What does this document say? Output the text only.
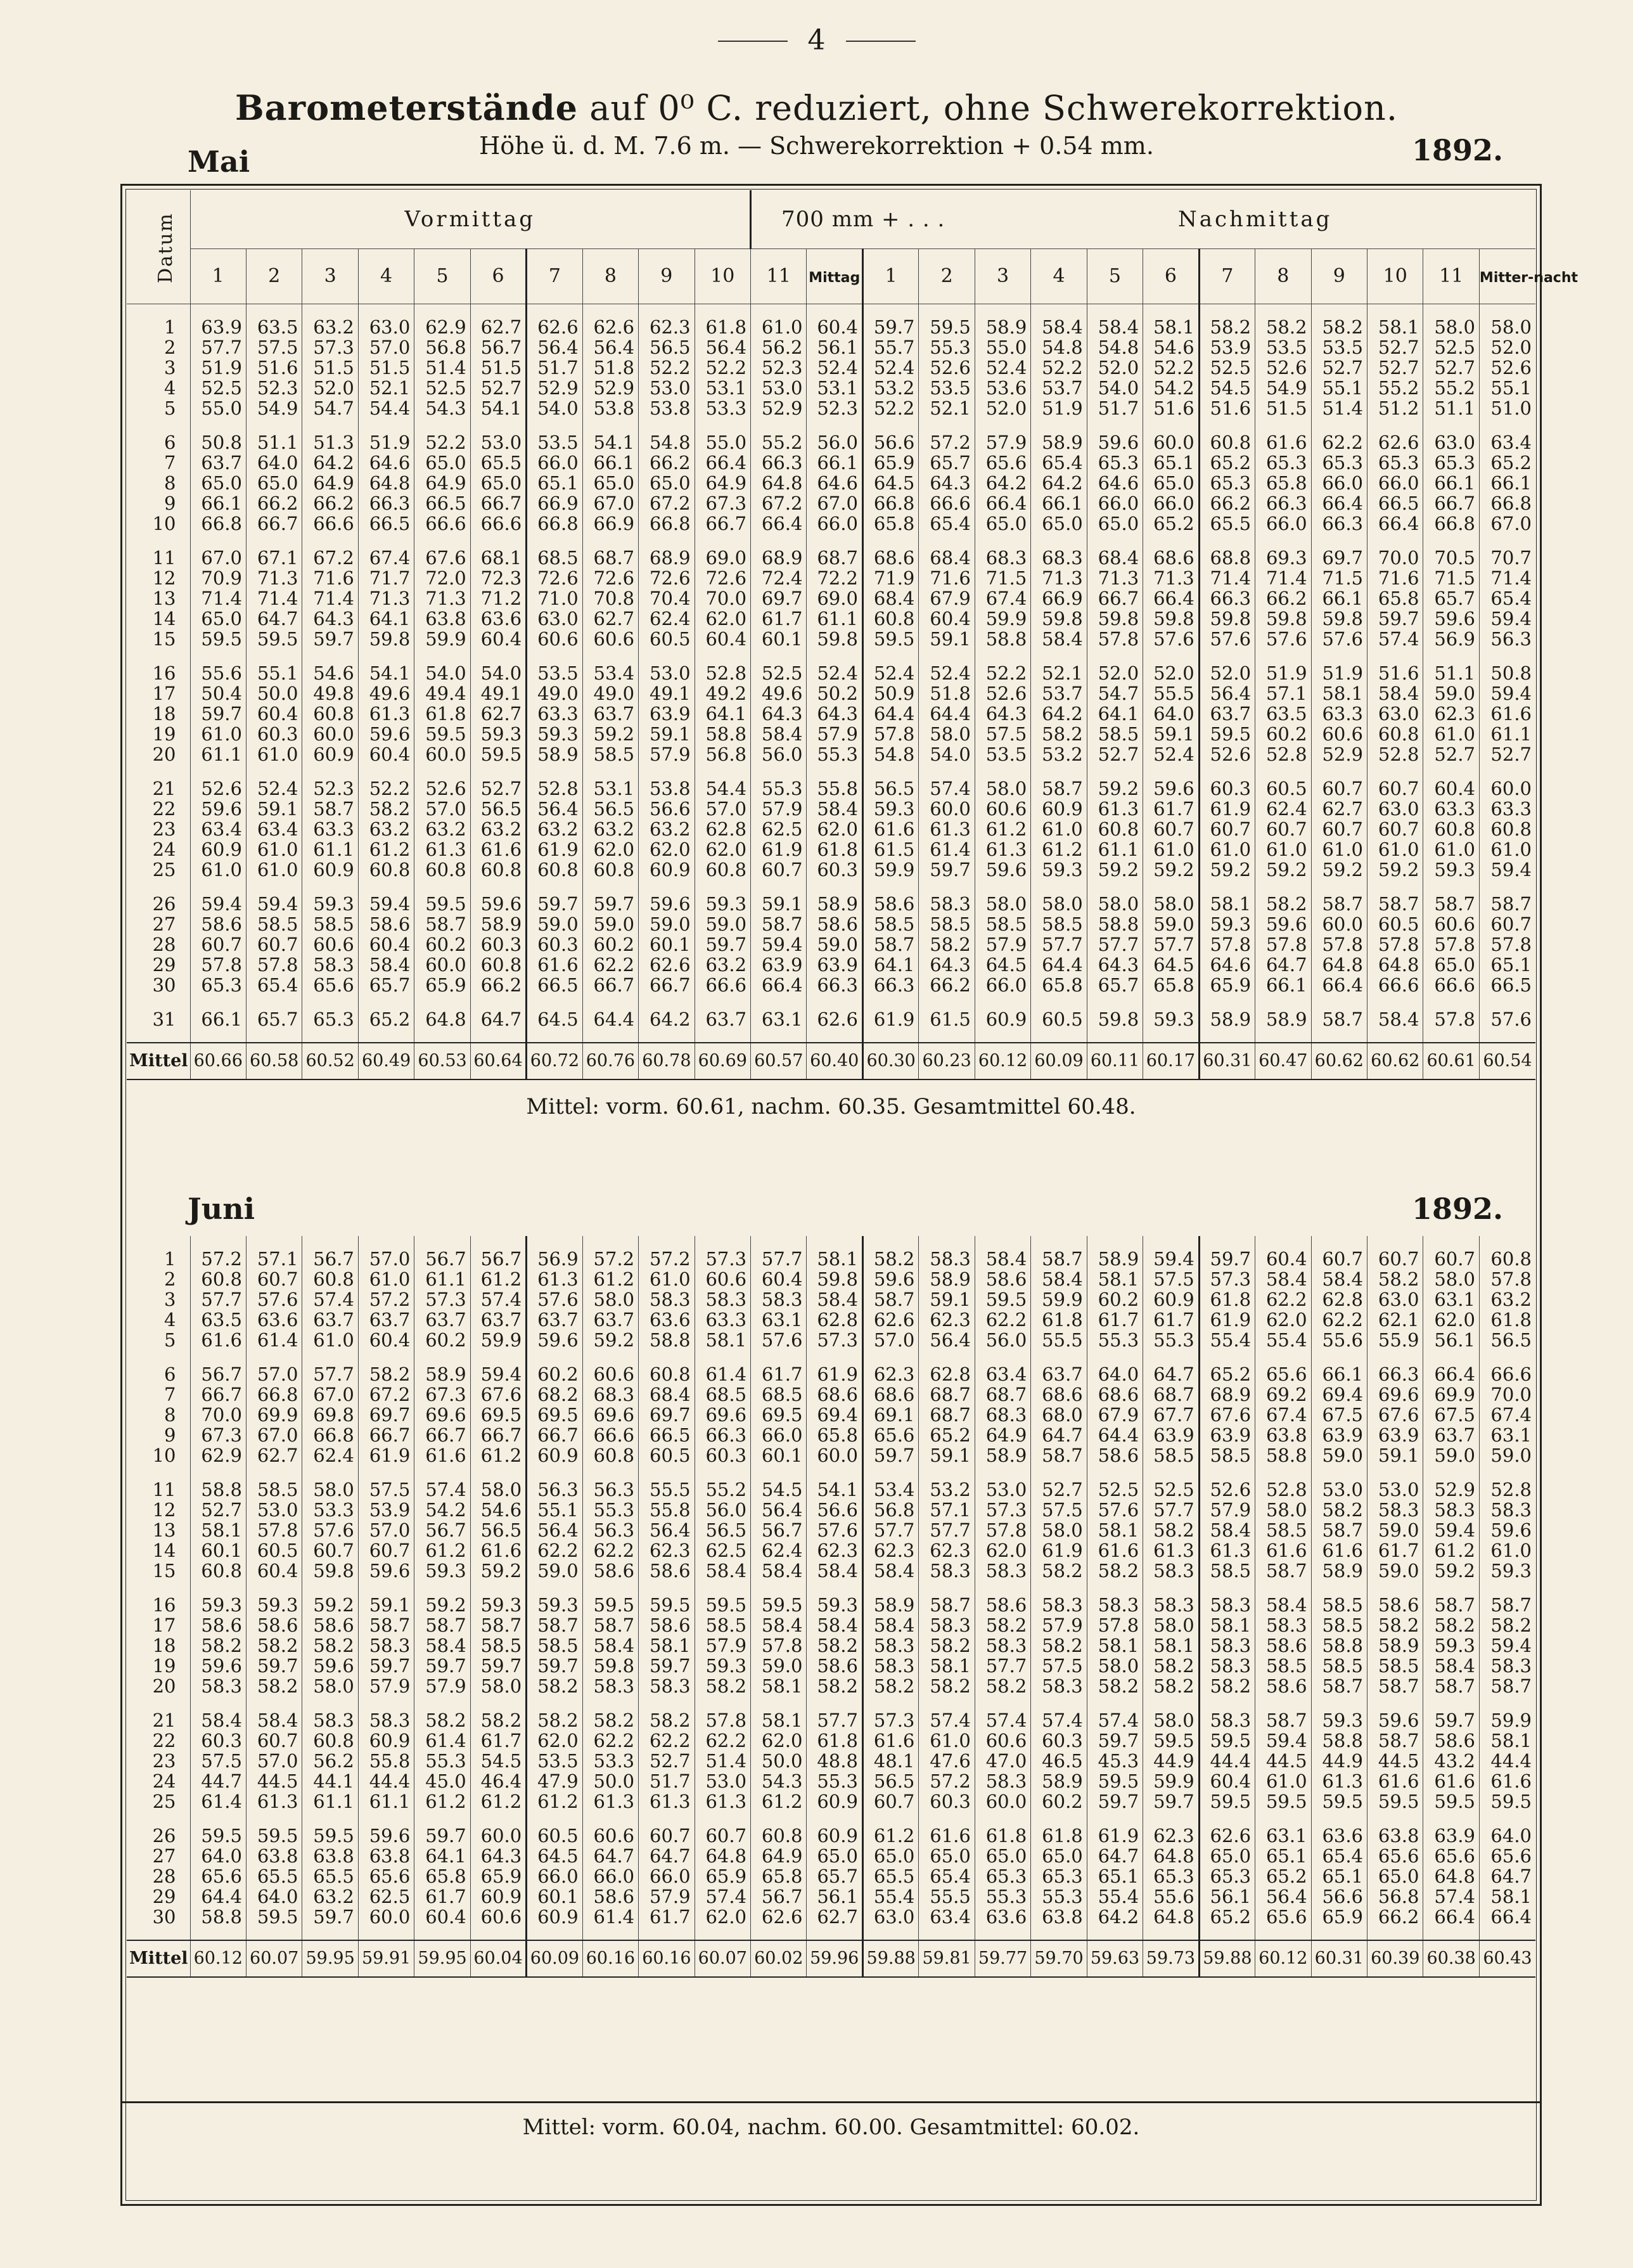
4
Barometerstände auf 0⁰ C. reduziert, ohne Schwerekorrektion.
Höhe ü. d. M. 7.6 m. — Schwerekorrektion + 0.54 mm.
Mai	1892.
Datum	Vormittag										700 mm + . . .				Nachmittag									
	1	2	3	4	5	6	7	8	9	10	11	Mittag	1	2	3	4	5	6	7	8	9	10	11	Mitter-nacht

1	63.9	63.5	63.2	63.0	62.9	62.7	62.6	62.6	62.3	61.8	61.0	60.4	59.7	59.5	58.9	58.4	58.4	58.1	58.2	58.2	58.2	58.1	58.0	58.0
2	57.7	57.5	57.3	57.0	56.8	56.7	56.4	56.4	56.5	56.4	56.2	56.1	55.7	55.3	55.0	54.8	54.8	54.6	53.9	53.5	53.5	52.7	52.5	52.0
3	51.9	51.6	51.5	51.5	51.4	51.5	51.7	51.8	52.2	52.2	52.3	52.4	52.4	52.6	52.4	52.2	52.0	52.2	52.5	52.6	52.7	52.7	52.7	52.6
4	52.5	52.3	52.0	52.1	52.5	52.7	52.9	52.9	53.0	53.1	53.0	53.1	53.2	53.5	53.6	53.7	54.0	54.2	54.5	54.9	55.1	55.2	55.2	55.1
5	55.0	54.9	54.7	54.4	54.3	54.1	54.0	53.8	53.8	53.3	52.9	52.3	52.2	52.1	52.0	51.9	51.7	51.6	51.6	51.5	51.4	51.2	51.1	51.0

6	50.8	51.1	51.3	51.9	52.2	53.0	53.5	54.1	54.8	55.0	55.2	56.0	56.6	57.2	57.9	58.9	59.6	60.0	60.8	61.6	62.2	62.6	63.0	63.4
7	63.7	64.0	64.2	64.6	65.0	65.5	66.0	66.1	66.2	66.4	66.3	66.1	65.9	65.7	65.6	65.4	65.3	65.1	65.2	65.3	65.3	65.3	65.3	65.2
8	65.0	65.0	64.9	64.8	64.9	65.0	65.1	65.0	65.0	64.9	64.8	64.6	64.5	64.3	64.2	64.2	64.6	65.0	65.3	65.8	66.0	66.0	66.1	66.1
9	66.1	66.2	66.2	66.3	66.5	66.7	66.9	67.0	67.2	67.3	67.2	67.0	66.8	66.6	66.4	66.1	66.0	66.0	66.2	66.3	66.4	66.5	66.7	66.8
10	66.8	66.7	66.6	66.5	66.6	66.6	66.8	66.9	66.8	66.7	66.4	66.0	65.8	65.4	65.0	65.0	65.0	65.2	65.5	66.0	66.3	66.4	66.8	67.0

11	67.0	67.1	67.2	67.4	67.6	68.1	68.5	68.7	68.9	69.0	68.9	68.7	68.6	68.4	68.3	68.3	68.4	68.6	68.8	69.3	69.7	70.0	70.5	70.7
12	70.9	71.3	71.6	71.7	72.0	72.3	72.6	72.6	72.6	72.6	72.4	72.2	71.9	71.6	71.5	71.3	71.3	71.3	71.4	71.4	71.5	71.6	71.5	71.4
13	71.4	71.4	71.4	71.3	71.3	71.2	71.0	70.8	70.4	70.0	69.7	69.0	68.4	67.9	67.4	66.9	66.7	66.4	66.3	66.2	66.1	65.8	65.7	65.4
14	65.0	64.7	64.3	64.1	63.8	63.6	63.0	62.7	62.4	62.0	61.7	61.1	60.8	60.4	59.9	59.8	59.8	59.8	59.8	59.8	59.8	59.7	59.6	59.4
15	59.5	59.5	59.7	59.8	59.9	60.4	60.6	60.6	60.5	60.4	60.1	59.8	59.5	59.1	58.8	58.4	57.8	57.6	57.6	57.6	57.6	57.4	56.9	56.3

16	55.6	55.1	54.6	54.1	54.0	54.0	53.5	53.4	53.0	52.8	52.5	52.4	52.4	52.4	52.2	52.1	52.0	52.0	52.0	51.9	51.9	51.6	51.1	50.8
17	50.4	50.0	49.8	49.6	49.4	49.1	49.0	49.0	49.1	49.2	49.6	50.2	50.9	51.8	52.6	53.7	54.7	55.5	56.4	57.1	58.1	58.4	59.0	59.4
18	59.7	60.4	60.8	61.3	61.8	62.7	63.3	63.7	63.9	64.1	64.3	64.3	64.4	64.4	64.3	64.2	64.1	64.0	63.7	63.5	63.3	63.0	62.3	61.6
19	61.0	60.3	60.0	59.6	59.5	59.3	59.3	59.2	59.1	58.8	58.4	57.9	57.8	58.0	57.5	58.2	58.5	59.1	59.5	60.2	60.6	60.8	61.0	61.1
20	61.1	61.0	60.9	60.4	60.0	59.5	58.9	58.5	57.9	56.8	56.0	55.3	54.8	54.0	53.5	53.2	52.7	52.4	52.6	52.8	52.9	52.8	52.7	52.7

21	52.6	52.4	52.3	52.2	52.6	52.7	52.8	53.1	53.8	54.4	55.3	55.8	56.5	57.4	58.0	58.7	59.2	59.6	60.3	60.5	60.7	60.7	60.4	60.0
22	59.6	59.1	58.7	58.2	57.0	56.5	56.4	56.5	56.6	57.0	57.9	58.4	59.3	60.0	60.6	60.9	61.3	61.7	61.9	62.4	62.7	63.0	63.3	63.3
23	63.4	63.4	63.3	63.2	63.2	63.2	63.2	63.2	63.2	62.8	62.5	62.0	61.6	61.3	61.2	61.0	60.8	60.7	60.7	60.7	60.7	60.7	60.8	60.8
24	60.9	61.0	61.1	61.2	61.3	61.6	61.9	62.0	62.0	62.0	61.9	61.8	61.5	61.4	61.3	61.2	61.1	61.0	61.0	61.0	61.0	61.0	61.0	61.0
25	61.0	61.0	60.9	60.8	60.8	60.8	60.8	60.8	60.9	60.8	60.7	60.3	59.9	59.7	59.6	59.3	59.2	59.2	59.2	59.2	59.2	59.2	59.3	59.4

26	59.4	59.4	59.3	59.4	59.5	59.6	59.7	59.7	59.6	59.3	59.1	58.9	58.6	58.3	58.0	58.0	58.0	58.0	58.1	58.2	58.7	58.7	58.7	58.7
27	58.6	58.5	58.5	58.6	58.7	58.9	59.0	59.0	59.0	59.0	58.7	58.6	58.5	58.5	58.5	58.5	58.8	59.0	59.3	59.6	60.0	60.5	60.6	60.7
28	60.7	60.7	60.6	60.4	60.2	60.3	60.3	60.2	60.1	59.7	59.4	59.0	58.7	58.2	57.9	57.7	57.7	57.7	57.8	57.8	57.8	57.8	57.8	57.8
29	57.8	57.8	58.3	58.4	60.0	60.8	61.6	62.2	62.6	63.2	63.9	63.9	64.1	64.3	64.5	64.4	64.3	64.5	64.6	64.7	64.8	64.8	65.0	65.1
30	65.3	65.4	65.6	65.7	65.9	66.2	66.5	66.7	66.7	66.6	66.4	66.3	66.3	66.2	66.0	65.8	65.7	65.8	65.9	66.1	66.4	66.6	66.6	66.5

31	66.1	65.7	65.3	65.2	64.8	64.7	64.5	64.4	64.2	63.7	63.1	62.6	61.9	61.5	60.9	60.5	59.8	59.3	58.9	58.9	58.7	58.4	57.8	57.6

Mittel	60.66	60.58	60.52	60.49	60.53	60.64	60.72	60.76	60.78	60.69	60.57	60.40	60.30	60.23	60.12	60.09	60.11	60.17	60.31	60.47	60.62	60.62	60.61	60.54
Mittel: vorm. 60.61, nachm. 60.35. Gesamtmittel 60.48.
Juni	1892.

1	57.2	57.1	56.7	57.0	56.7	56.7	56.9	57.2	57.2	57.3	57.7	58.1	58.2	58.3	58.4	58.7	58.9	59.4	59.7	60.4	60.7	60.7	60.7	60.8
2	60.8	60.7	60.8	61.0	61.1	61.2	61.3	61.2	61.0	60.6	60.4	59.8	59.6	58.9	58.6	58.4	58.1	57.5	57.3	58.4	58.4	58.2	58.0	57.8
3	57.7	57.6	57.4	57.2	57.3	57.4	57.6	58.0	58.3	58.3	58.3	58.4	58.7	59.1	59.5	59.9	60.2	60.9	61.8	62.2	62.8	63.0	63.1	63.2
4	63.5	63.6	63.7	63.7	63.7	63.7	63.7	63.7	63.6	63.3	63.1	62.8	62.6	62.3	62.2	61.8	61.7	61.7	61.9	62.0	62.2	62.1	62.0	61.8
5	61.6	61.4	61.0	60.4	60.2	59.9	59.6	59.2	58.8	58.1	57.6	57.3	57.0	56.4	56.0	55.5	55.3	55.3	55.4	55.4	55.6	55.9	56.1	56.5

6	56.7	57.0	57.7	58.2	58.9	59.4	60.2	60.6	60.8	61.4	61.7	61.9	62.3	62.8	63.4	63.7	64.0	64.7	65.2	65.6	66.1	66.3	66.4	66.6
7	66.7	66.8	67.0	67.2	67.3	67.6	68.2	68.3	68.4	68.5	68.5	68.6	68.6	68.7	68.7	68.6	68.6	68.7	68.9	69.2	69.4	69.6	69.9	70.0
8	70.0	69.9	69.8	69.7	69.6	69.5	69.5	69.6	69.7	69.6	69.5	69.4	69.1	68.7	68.3	68.0	67.9	67.7	67.6	67.4	67.5	67.6	67.5	67.4
9	67.3	67.0	66.8	66.7	66.7	66.7	66.7	66.6	66.5	66.3	66.0	65.8	65.6	65.2	64.9	64.7	64.4	63.9	63.9	63.8	63.9	63.9	63.7	63.1
10	62.9	62.7	62.4	61.9	61.6	61.2	60.9	60.8	60.5	60.3	60.1	60.0	59.7	59.1	58.9	58.7	58.6	58.5	58.5	58.8	59.0	59.1	59.0	59.0

11	58.8	58.5	58.0	57.5	57.4	58.0	56.3	56.3	55.5	55.2	54.5	54.1	53.4	53.2	53.0	52.7	52.5	52.5	52.6	52.8	53.0	53.0	52.9	52.8
12	52.7	53.0	53.3	53.9	54.2	54.6	55.1	55.3	55.8	56.0	56.4	56.6	56.8	57.1	57.3	57.5	57.6	57.7	57.9	58.0	58.2	58.3	58.3	58.3
13	58.1	57.8	57.6	57.0	56.7	56.5	56.4	56.3	56.4	56.5	56.7	57.6	57.7	57.7	57.8	58.0	58.1	58.2	58.4	58.5	58.7	59.0	59.4	59.6
14	60.1	60.5	60.7	60.7	61.2	61.6	62.2	62.2	62.3	62.5	62.4	62.3	62.3	62.3	62.0	61.9	61.6	61.3	61.3	61.6	61.6	61.7	61.2	61.0
15	60.8	60.4	59.8	59.6	59.3	59.2	59.0	58.6	58.6	58.4	58.4	58.4	58.4	58.3	58.3	58.2	58.2	58.3	58.5	58.7	58.9	59.0	59.2	59.3

16	59.3	59.3	59.2	59.1	59.2	59.3	59.3	59.5	59.5	59.5	59.5	59.3	58.9	58.7	58.6	58.3	58.3	58.3	58.3	58.4	58.5	58.6	58.7	58.7
17	58.6	58.6	58.6	58.7	58.7	58.7	58.7	58.7	58.6	58.5	58.4	58.4	58.4	58.3	58.2	57.9	57.8	58.0	58.1	58.3	58.5	58.2	58.2	58.2
18	58.2	58.2	58.2	58.3	58.4	58.5	58.5	58.4	58.1	57.9	57.8	58.2	58.3	58.2	58.3	58.2	58.1	58.1	58.3	58.6	58.8	58.9	59.3	59.4
19	59.6	59.7	59.6	59.7	59.7	59.7	59.7	59.8	59.7	59.3	59.0	58.6	58.3	58.1	57.7	57.5	58.0	58.2	58.3	58.5	58.5	58.5	58.4	58.3
20	58.3	58.2	58.0	57.9	57.9	58.0	58.2	58.3	58.3	58.2	58.1	58.2	58.2	58.2	58.2	58.3	58.2	58.2	58.2	58.6	58.7	58.7	58.7	58.7

21	58.4	58.4	58.3	58.3	58.2	58.2	58.2	58.2	58.2	57.8	58.1	57.7	57.3	57.4	57.4	57.4	57.4	58.0	58.3	58.7	59.3	59.6	59.7	59.9
22	60.3	60.7	60.8	60.9	61.4	61.7	62.0	62.2	62.2	62.2	62.0	61.8	61.6	61.0	60.6	60.3	59.7	59.5	59.5	59.4	58.8	58.7	58.6	58.1
23	57.5	57.0	56.2	55.8	55.3	54.5	53.5	53.3	52.7	51.4	50.0	48.8	48.1	47.6	47.0	46.5	45.3	44.9	44.4	44.5	44.9	44.5	43.2	44.4
24	44.7	44.5	44.1	44.4	45.0	46.4	47.9	50.0	51.7	53.0	54.3	55.3	56.5	57.2	58.3	58.9	59.5	59.9	60.4	61.0	61.3	61.6	61.6	61.6
25	61.4	61.3	61.1	61.1	61.2	61.2	61.2	61.3	61.3	61.3	61.2	60.9	60.7	60.3	60.0	60.2	59.7	59.7	59.5	59.5	59.5	59.5	59.5	59.5

26	59.5	59.5	59.5	59.6	59.7	60.0	60.5	60.6	60.7	60.7	60.8	60.9	61.2	61.6	61.8	61.8	61.9	62.3	62.6	63.1	63.6	63.8	63.9	64.0
27	64.0	63.8	63.8	63.8	64.1	64.3	64.5	64.7	64.7	64.8	64.9	65.0	65.0	65.0	65.0	65.0	64.7	64.8	65.0	65.1	65.4	65.6	65.6	65.6
28	65.6	65.5	65.5	65.6	65.8	65.9	66.0	66.0	66.0	65.9	65.8	65.7	65.5	65.4	65.3	65.3	65.1	65.3	65.3	65.2	65.1	65.0	64.8	64.7
29	64.4	64.0	63.2	62.5	61.7	60.9	60.1	58.6	57.9	57.4	56.7	56.1	55.4	55.5	55.3	55.3	55.4	55.6	56.1	56.4	56.6	56.8	57.4	58.1
30	58.8	59.5	59.7	60.0	60.4	60.6	60.9	61.4	61.7	62.0	62.6	62.7	63.0	63.4	63.6	63.8	64.2	64.8	65.2	65.6	65.9	66.2	66.4	66.4

Mittel	60.12	60.07	59.95	59.91	59.95	60.04	60.09	60.16	60.16	60.07	60.02	59.96	59.88	59.81	59.77	59.70	59.63	59.73	59.88	60.12	60.31	60.39	60.38	60.43
Mittel: vorm. 60.04, nachm. 60.00. Gesamtmittel: 60.02.
